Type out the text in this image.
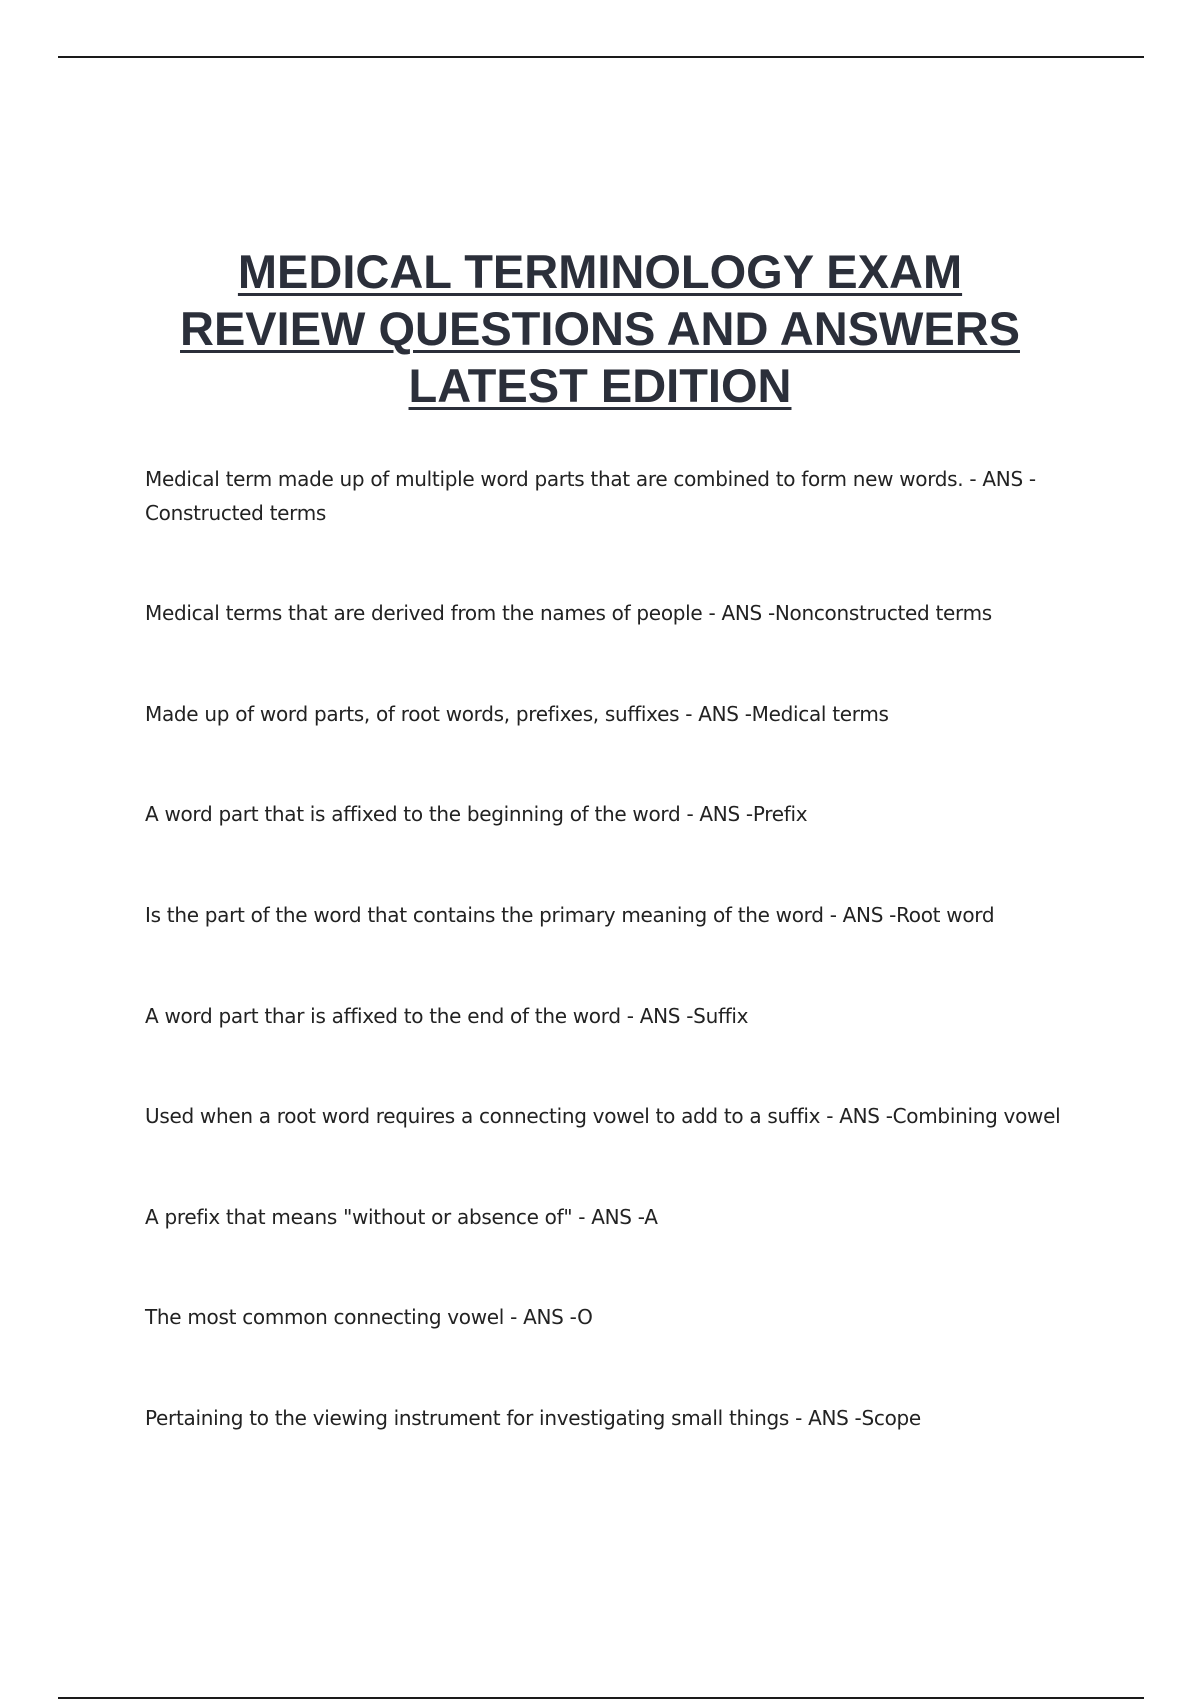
MEDICAL TERMINOLOGY EXAM
REVIEW QUESTIONS AND ANSWERS
LATEST EDITION
Medical term made up of multiple word parts that are combined to form new words. - ANS -
Constructed terms
Medical terms that are derived from the names of people - ANS -Nonconstructed terms
Made up of word parts, of root words, prefixes, suffixes - ANS -Medical terms
A word part that is affixed to the beginning of the word - ANS -Prefix
Is the part of the word that contains the primary meaning of the word - ANS -Root word
A word part thar is affixed to the end of the word - ANS -Suffix
Used when a root word requires a connecting vowel to add to a suffix - ANS -Combining vowel
A prefix that means "without or absence of" - ANS -A
The most common connecting vowel - ANS -O
Pertaining to the viewing instrument for investigating small things - ANS -Scope
